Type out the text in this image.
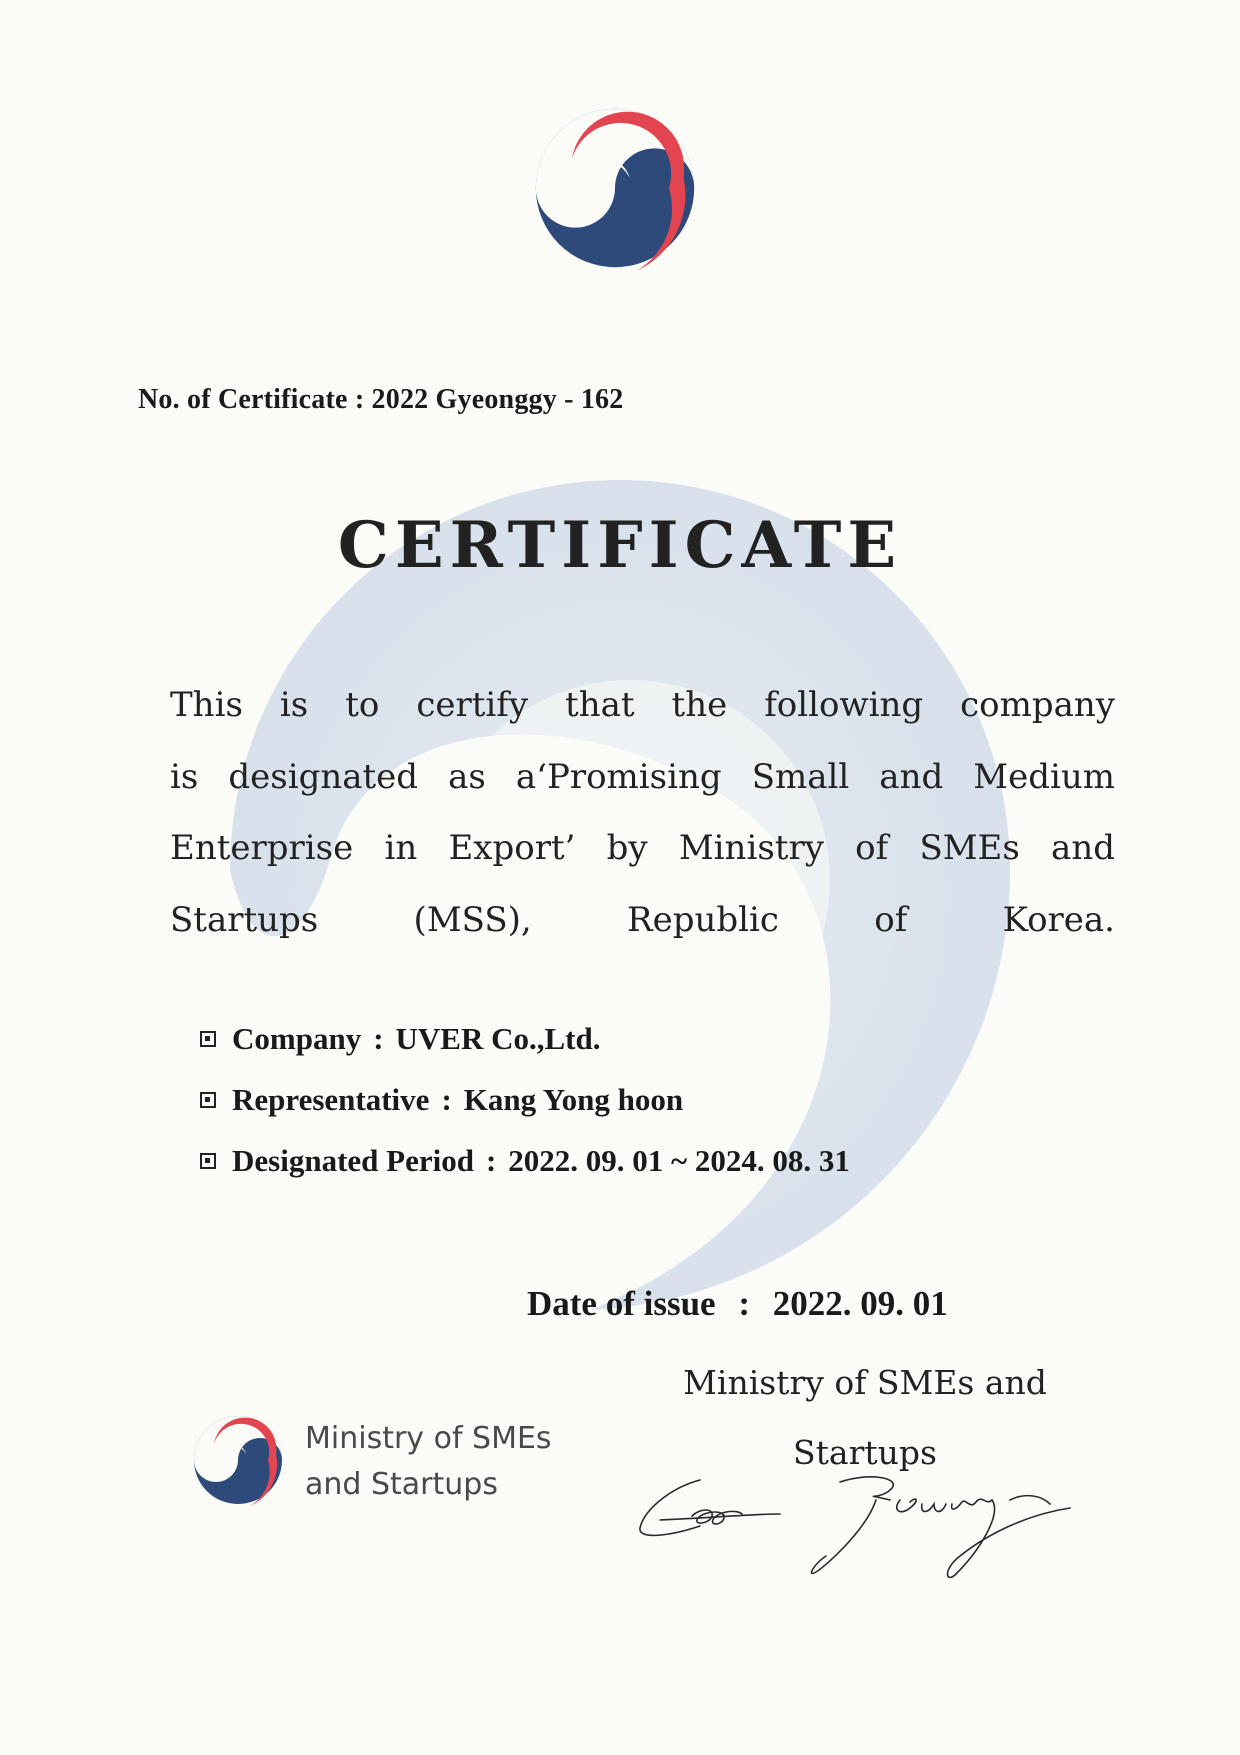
No. of Certificate : 2022 Gyeonggy - 162
CERTIFICATE
This is to certify that the following company
is designated as a‘Promising Small and Medium
Enterprise in Export’ by Ministry of SMEs and
Startups (MSS), Republic of Korea.
Company : UVER Co.,Ltd.
Representative : Kang Yong hoon
Designated Period : 2022. 09. 01 ~ 2024. 08. 31
Date of issue : 2022. 09. 01
Ministry of SMEs and
Startups
Ministry of SMEs
and Startups
